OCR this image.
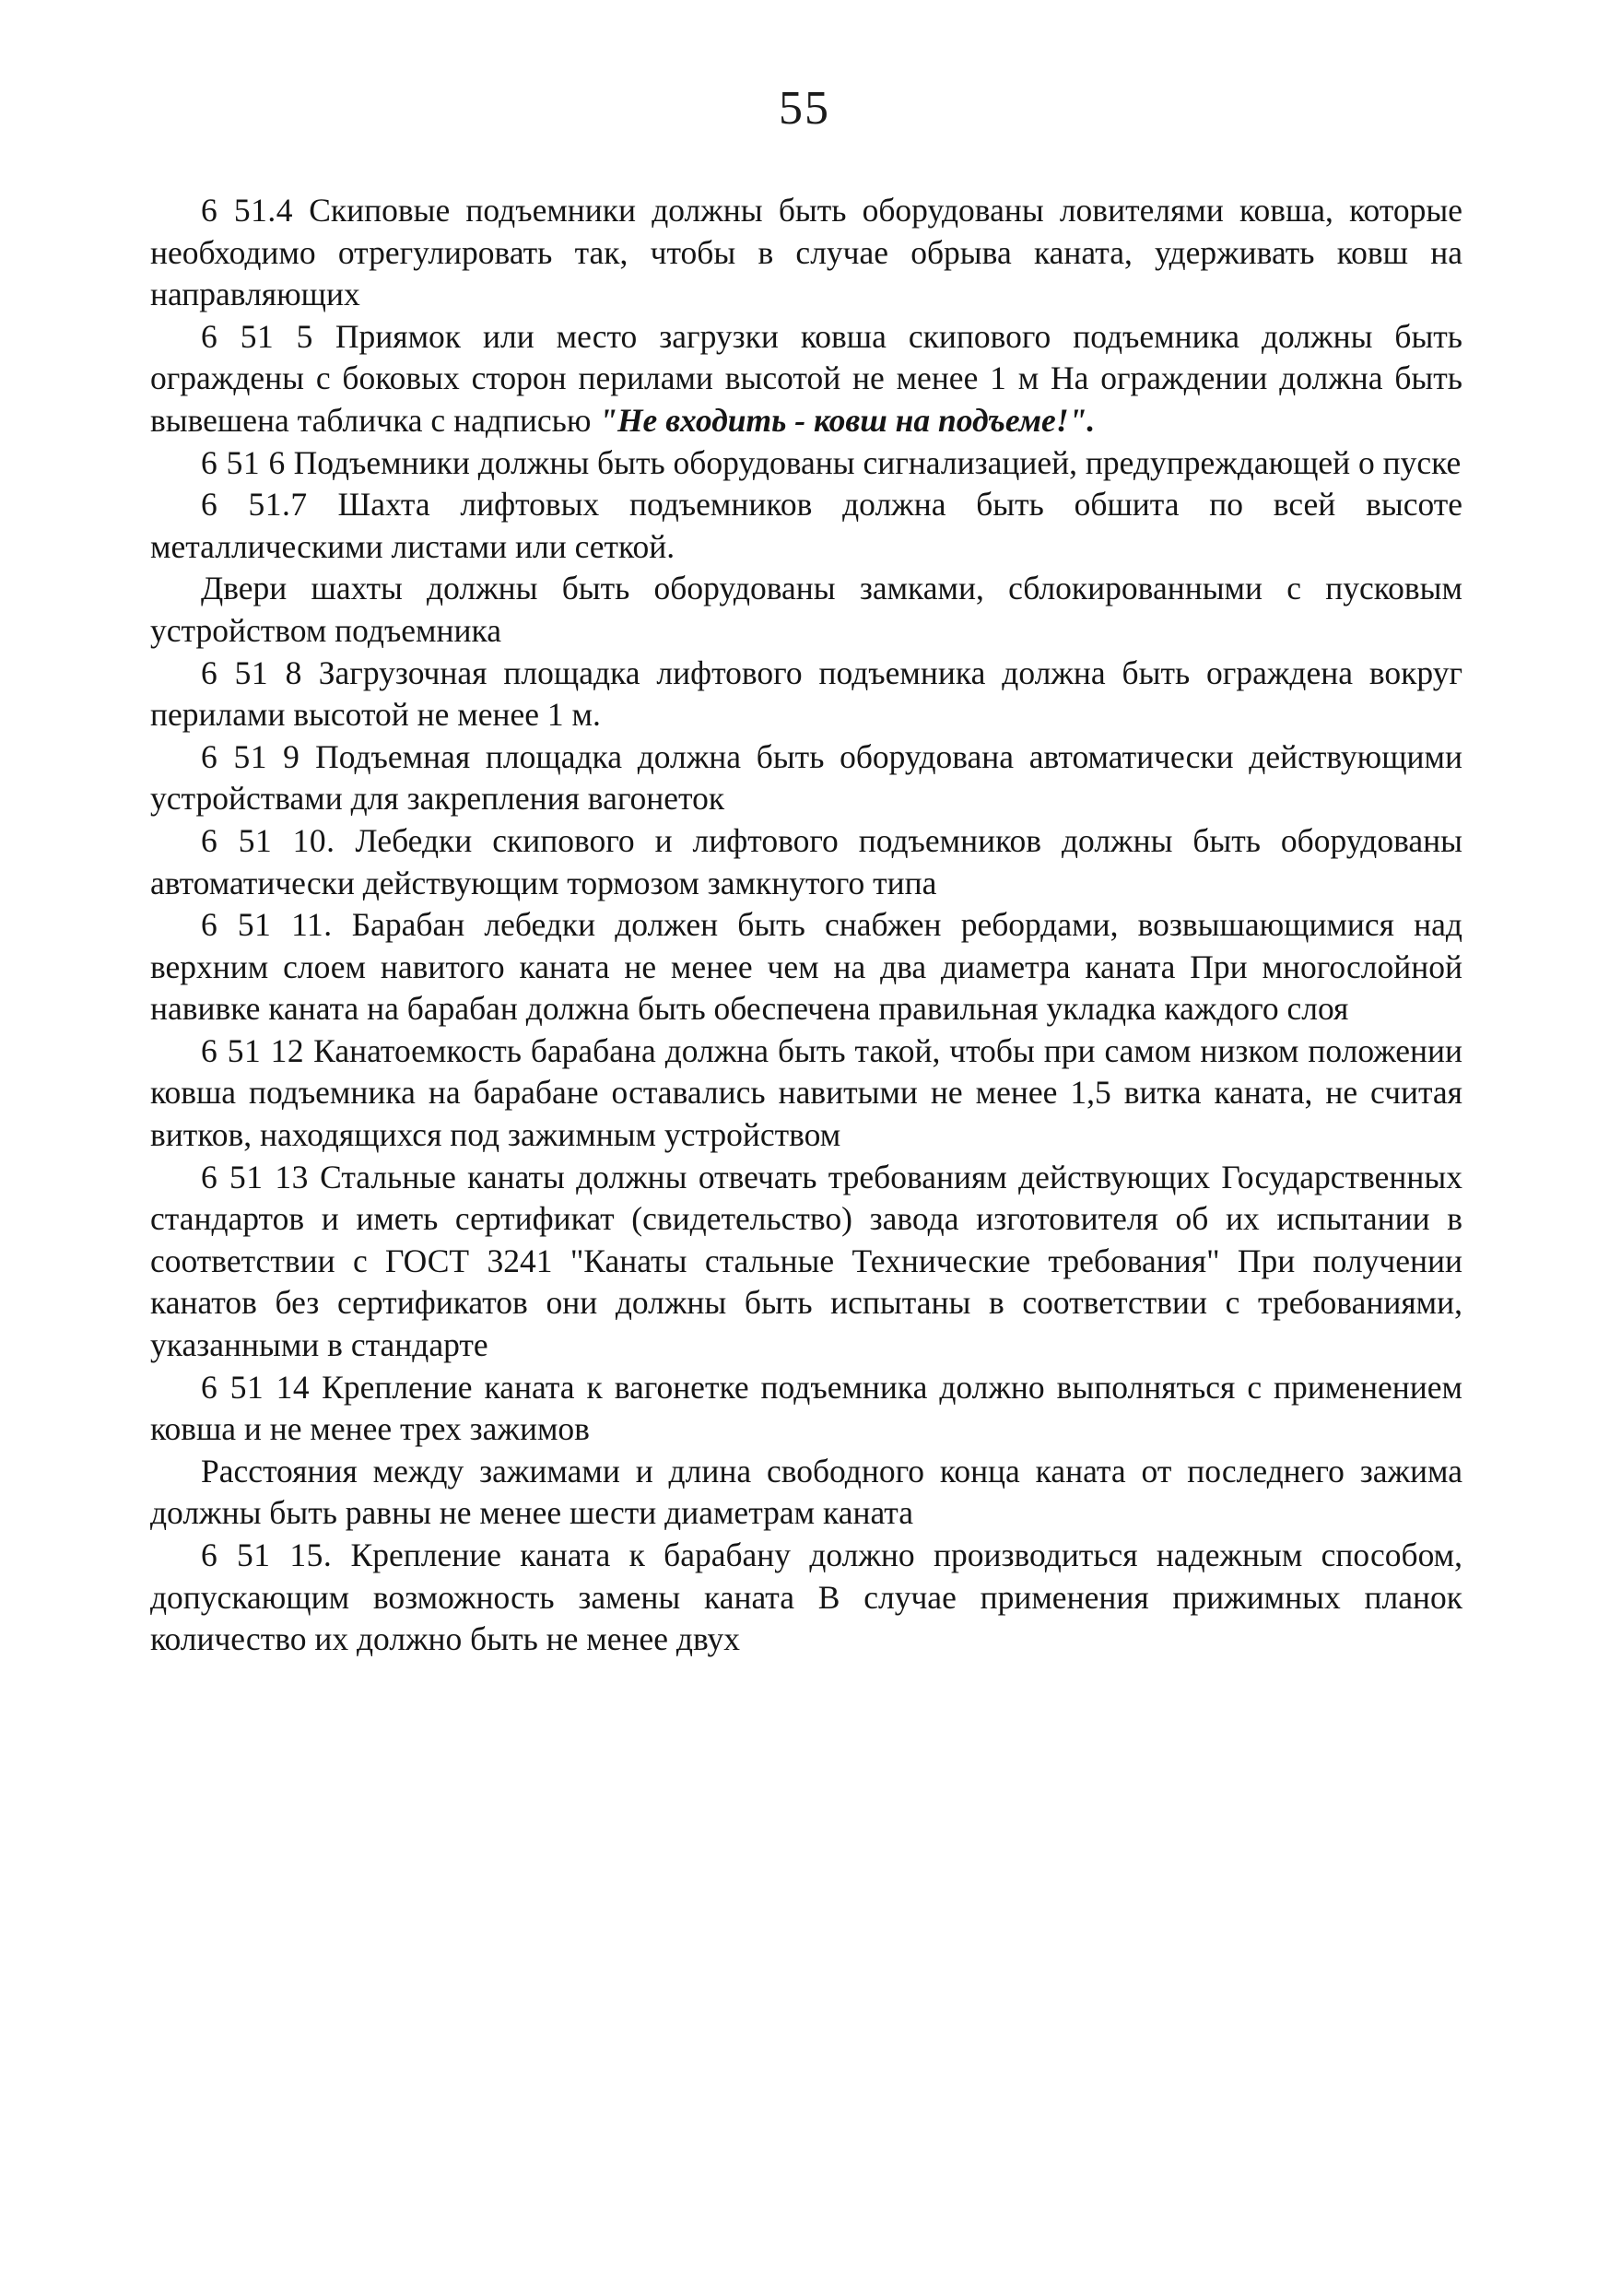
55

6 51.4 Скиповые подъемники должны быть оборудованы ловителями ковша, которые необходимо отрегулировать так, чтобы в случае обрыва каната, удерживать ковш на направляющих

6 51 5 Приямок или место загрузки ковша скипового подъемника должны быть ограждены с боковых сторон перилами высотой не менее 1 м На ограждении должна быть вывешена табличка с надписью "Не входить - ковш на подъеме!".

6 51 6 Подъемники должны быть оборудованы сигнализацией, предупреждающей о пуске

6 51.7 Шахта лифтовых подъемников должна быть обшита по всей высоте металлическими листами или сеткой.

Двери шахты должны быть оборудованы замками, сблокированными с пусковым устройством подъемника

6 51 8 Загрузочная площадка лифтового подъемника должна быть ограждена вокруг перилами высотой не менее 1 м.

6 51 9 Подъемная площадка должна быть оборудована автоматически действующими устройствами для закрепления вагонеток

6 51 10. Лебедки скипового и лифтового подъемников должны быть оборудованы автоматически действующим тормозом замкнутого типа

6 51 11. Барабан лебедки должен быть снабжен ребордами, возвышающимися над верхним слоем навитого каната не менее чем на два диаметра каната При многослойной навивке каната на барабан должна быть обеспечена правильная укладка каждого слоя

6 51 12 Канатоемкость барабана должна быть такой, чтобы при самом низком положении ковша подъемника на барабане оставались навитыми не менее 1,5 витка каната, не считая витков, находящихся под зажимным устройством

6 51 13 Стальные канаты должны отвечать требованиям действующих Государственных стандартов и иметь сертификат (свидетельство) завода изготовителя об их испытании в соответствии с ГОСТ 3241 "Канаты стальные Технические требования" При получении канатов без сертификатов они должны быть испытаны в соответствии с требованиями, указанными в стандарте

6 51 14 Крепление каната к вагонетке подъемника должно выполняться с применением ковша и не менее трех зажимов

Расстояния между зажимами и длина свободного конца каната от последнего зажима должны быть равны не менее шести диаметрам каната

6 51 15. Крепление каната к барабану должно производиться надежным способом, допускающим возможность замены каната В случае применения прижимных планок количество их должно быть не менее двух
